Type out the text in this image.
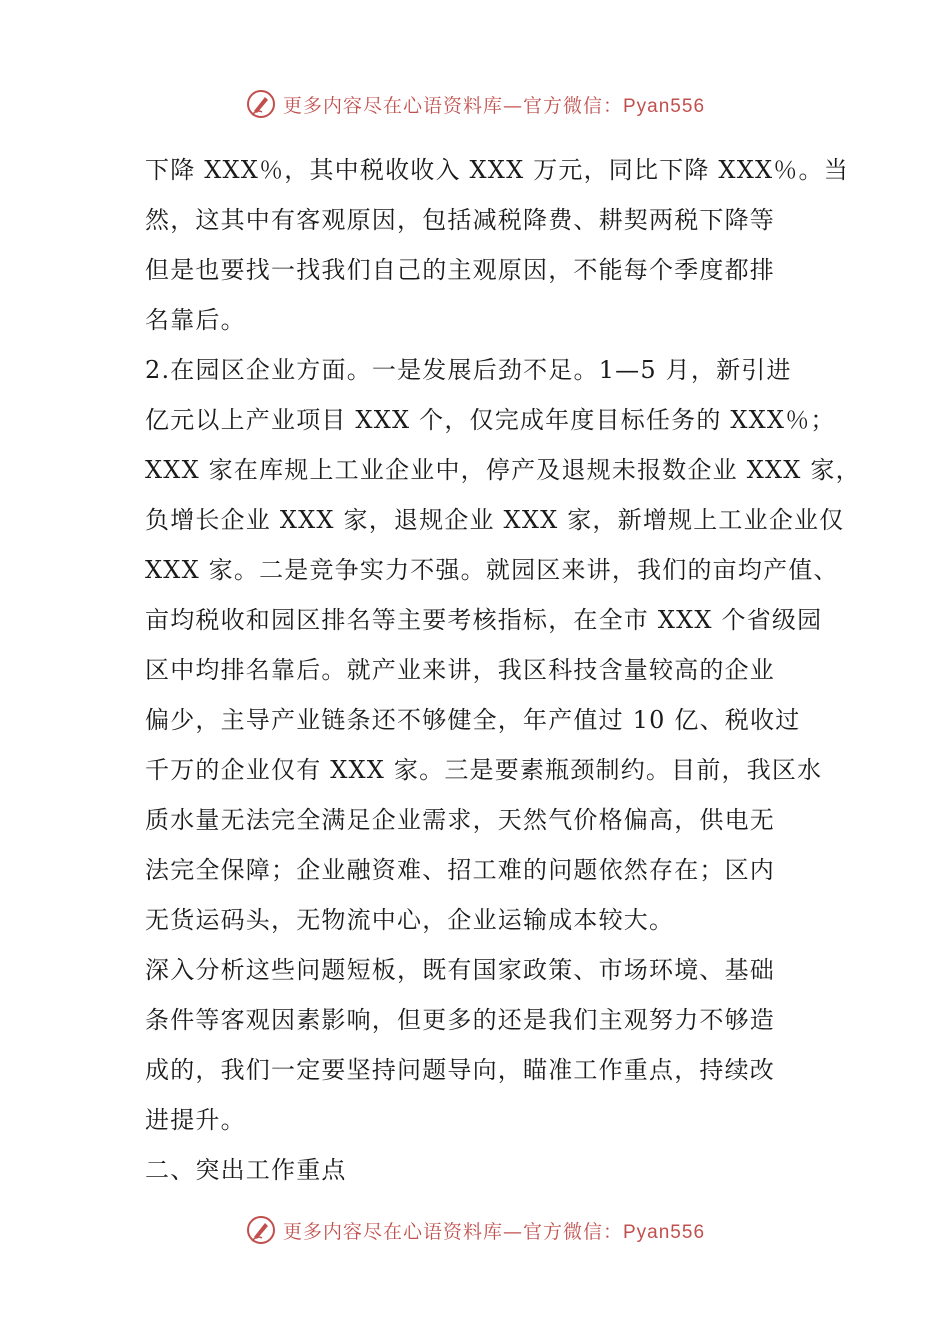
更多内容尽在心语资料库—官方微信：Pyan556
下降 XXX％，其中税收收入 XXX 万元，同比下降 XXX％。当
然，这其中有客观原因，包括减税降费、耕契两税下降等
但是也要找一找我们自己的主观原因，不能每个季度都排
名靠后。
2.在园区企业方面。一是发展后劲不足。1—5 月，新引进
亿元以上产业项目 XXX 个，仅完成年度目标任务的 XXX％；
XXX 家在库规上工业企业中，停产及退规未报数企业 XXX 家，
负增长企业 XXX 家，退规企业 XXX 家，新增规上工业企业仅
XXX 家。二是竞争实力不强。就园区来讲，我们的亩均产值、
亩均税收和园区排名等主要考核指标，在全市 XXX 个省级园
区中均排名靠后。就产业来讲，我区科技含量较高的企业
偏少，主导产业链条还不够健全，年产值过 10 亿、税收过
千万的企业仅有 XXX 家。三是要素瓶颈制约。目前，我区水
质水量无法完全满足企业需求，天然气价格偏高，供电无
法完全保障；企业融资难、招工难的问题依然存在；区内
无货运码头，无物流中心，企业运输成本较大。
深入分析这些问题短板，既有国家政策、市场环境、基础
条件等客观因素影响，但更多的还是我们主观努力不够造
成的，我们一定要坚持问题导向，瞄准工作重点，持续改
进提升。
二、突出工作重点
更多内容尽在心语资料库—官方微信：Pyan556
